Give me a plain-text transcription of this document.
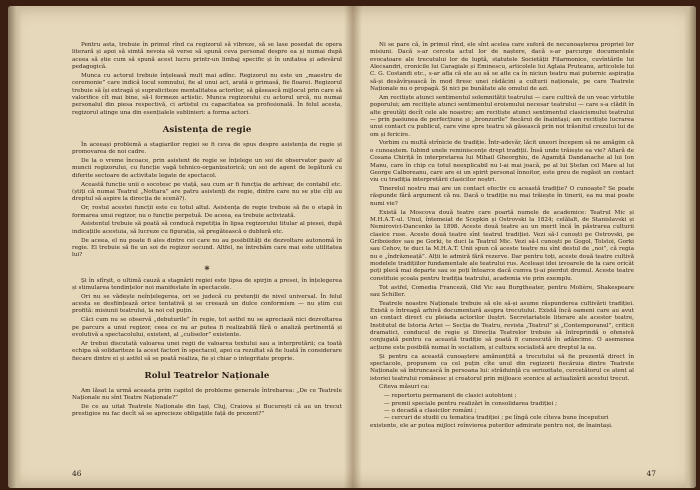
Pentru asta, trebuie în primul rînd ca regizorul să vibreze, să se lase posedat de opera literară și apoi să simtă nevoia să verse să spună ceva personal despre ea și numai după aceea să știe cum să spună acest lucru printr-un limbaj specific și în unitatea și adevărul pedagogică.

Munca cu actorul trebuie înțeleasă mult mai adînc. Regizorul nu este un „maestru de ceremonie” care indică locul somnului, fie al unui act, arată o grimasă, fie floarei. Regizorul trebuie să își extragă și supraliciteze mentalitatea actorilor, să găsească mijlocul prin care să valorifice cît mai bine, să-l formeze artistic. Munca regizorului cu actorul urcă, nu numai personalul din piesa respectivă, ci artistul cu capacitatea sa profesională. În felul acesta, regizorul atinge una din esențialele sublinieri: a forma actori.

Asistența de regie

În aceeași problemă a stagiarilor regiei se fi ceva de spus despre asistența de regie și promovarea de noi cadre.

De la o vreme încoace, prin asistent de regie se înțelege un soi de observator pasiv al muncii regizorului, cu funcție vagă tehnico-organizatorică; un soi de agent de legătură cu diferite sectoare de activitate legate de spectacol.

Această funcție unii o socotesc pe viață, sau cum ar fi funcția de arhivar, de contabil etc. (știți că numai Teatrul „Nottara” are patru asistenți de regie, dintre care nu se știe cîți au dreptul să aspire la direcția de scenă?).

Or, rostul acestei funcții este cu totul altul. Asistența de regie trebuie să fie o etapă în formarea unui regizor, nu o funcție perpetuă. De aceea, ea trebuie activizată.

Asistentul trebuie să poată să conducă repetiția în lipsa regizorului titular al piesei, după indicațiile acestuia, să lucreze cu figurația, să pregătească o dublură etc.

De aceea, el nu poate fi ales dintre cei care nu au posibilități de dezvoltare autonomă în regie. El trebuie să fie un soi de regizor secund. Altfel, ne întrebăm care mai este utilitatea lui?

*

Și în sfîrșit, o ultimă cauză a stagnării regiei este lipsa de spirjin a presei, în înțelegerea și stimularea tendințelor noi manifestate în spectacole.

Ori nu se vădește neînțelegerea, ori se judecă cu pretenții de nivel universal. În felul acesta se desființează orice tentativă și se creează un dulce conformism — nu știm cui profită: misiunii teatrului, la noi cel puțin.

Căci cum nu se observă „debuturile” în regie, tot astfel nu se apreciază nici dezvoltarea pe parcurs a unui regizor, ceea ce nu ar putea fi realizabilă fără o analiză pertinentă și evolutivă a spectacolului, existent, al „culiselor” existente.

Ar trebui discutată valoarea unei regii de valoarea textului sau a interpretării; ca toată echipa să solidariteze la acest factori în spectacol, apoi ca rezultat să fie luată în considerare fiecare dintre ei și astfel să se poată realiza, fie și chiar o integritate proprie.

Rolul Teatrelor Naționale

Am lăsat la urmă aceasta prim capitol de probleme generale întrebarea: „De ce Teatrele Naționale nu sînt Teatre Naționale?”

De ce au uitat Teatrele Naționale din Iași, Cluj, Craiova și București că au un trecut prestigios nu fac decît să se aprecieze obligațiile față de prezent?”

46

Ni se pare că, în primul rînd, ele sînt acelea care suferă de necunoașterea propriei lor misiuni. Dacă s-ar cerceta actul lor de naștere, dacă s-ar parcurge documentele evocatoare ale trecutului lor de luptă, statutele Societății Filarmonice, cuvîntările lui Alecsandri, cronicile lui Caragiale și Eminescu, articolele lui Aglaia Pruteanu, articolele lui C. G. Costandi etc., s-ar afla că ele au să se afle ca în niciun teatru mai puternic aspirația să-și desăvîrșească în mod firesc unei rădăcini a culturii naționale, pe care Teatrele Naționale nu o propagă. Și nici pe bunătate ale omului de azi.

Am recitiște atunci sentimentul solemnitătii teatrului — care cultivă de un veac virtutile poporului; am recitiște atunci sentimentul eroismului necesar teatrului — care s-a clădit în alte greutăți decît cele ale noastre; am recitiște atunci sentimentul clasicismului teatrului — prin pasiunea de perfecțiune și „bronzurile” fiecărui de înaintași; am recitiște lucrarea unui contact cu publicul, care vine spre teatru să găsească prin noi trăsnitul crezului lui de om și fericire.

Vorbim cu multă strînicie de tradiție. Într-adevăr, lăcit uneori începem să ne amăgim că o cunoaștem. Iubind unele reminiscențe drept tradiții. Însă unde trăiește ea vie? Aflară de Cosana Chiriță în interpretarea lui Mihail Gheorghiu, de Agamiță Dandanache al lui Ion Manu, care în chip cu totul neexplicabil nu l-ai mai joacă, pe al lui Ștefan cel Mare al lui George Calboreanu, care are ei un spirit personal înnoitor, este greu de regăsit un contact viu cu tradiția interpretării clasicilor noștri.

Tinerelul nostru mai are un contact efectiv cu această tradiție? O cunoaște? Se poate răspunde fără argument că nu. Dacă o tradiție nu mai trăiește în tinerii, ea nu mai poate numi vie?

Există la Moscova două teatre care poartă numele de academice: Teatrul Mic și M.H.A.T.-ul. Unul, întemeiat de Scepkin și Ostrovski la 1824; celălalt, de Stanislavski și Nemirovici-Dancenko la 1898. Aceste două teatre au un merit încă în păstrarea culturii clasice ruse. Aceste două teatre sînt teatrul tradiției. Vezi să-l cunoști pe Ostrovski, pe Griboiedov sau pe Gorki, te duci la Teatrul Mic. Vezi să-l cunoști pe Gogol, Tolstoi, Gorki sau Cehov, te duci la M.H.A.T. Unii spun că aceste teatre nu sînt destul de „noi”, că regia nu e „îndrăzneață”. Alții le admiră fără rezerve. Dar pentru toți, aceste două teatre cultivă modelele tradițiilor fundamentale ale teatrului rus. Aceleași idei izvoarele de la care oricât poți plecă mai departe sau se poți întoarce dacă cumva ți-ai pierdut drumul. Aceste teatre constituie școala pentru tradiția teatrului, academia vie prin exemplu.

Tot astfel, Comedia Franceză, Old Vic sau Burgtheater, pentru Molière, Shakespeare sau Schiller.

Teatrele noastre Naționale trebuie să ele să-și asume răspunderea cultivării tradiției. Există o întreagă arhivă documentară asupra trecutului. Există încă oameni care au avut un contact direct cu pleiada actorilor iluștri. Secretariatele literare ale acestor teatre, Institutul de Istoria Artei — Secția de Teatru, revista „Teatrul” și „Contemporanul”, criticii dramatici, conducul de regie și Direcția Teatrelor trebuie să întreprindă o ofensivă conjugată pentru ca această tradiție să poată fi cunoscută în adâncime. O asemenea acțiune este posibilă numai în socialism, și cultura socialistă are dreptul la ea.

Și pentru ca această cunoaștere amănunțită a trecutului să fie prezentă direct în spectacole, propunem ca cel puțin cîte unul din regizorii fiecăruia dintre Teatrele Naționale să întruncască în persoana lui: străduință cu seriozitate, cercetătorul ce atent al istoriei teatrului românesc și creatorul prin mijloace scenice al actualizării acestui trecut.

Citeva măsuri ca:

— repertoriu permanent de clasici autohtoni ;

— premii speciale pentru realizări în consolidarea tradiției ;

— o decadă a clasicilor români ;

— cercuri de studii cu tematica tradiției ; pe lîngă cele cîteva bune începuturi existente, ele ar putea mijloci reînvierea puterilor admirate pentru noi, de înaintași.

47
